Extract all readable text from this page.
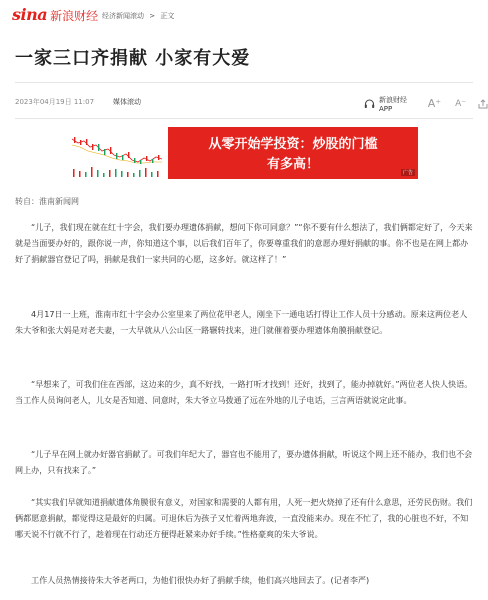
sina 新浪财经 经济新闻滚动 > 正文
一家三口齐捐献 小家有大爱
2023年04月19日 11:07	媒体滚动	新浪财经APP	A⁺ A⁻
从零开始学投资：炒股的门槛
有多高！
广告
转自：淮南新闻网

“儿子，我们现在就在红十字会，我们要办理遗体捐献，想问下你可同意？”“你不要有什么想法了，我们俩都定好了，今天来就是当面要办好的，跟你说一声，你知道这个事，以后我们百年了，你要尊重我们的意愿办理好捐献的事。你不也是在网上都办好了捐献器官登记了吗，捐献是我们一家共同的心愿，这多好。就这样了！”

4月17日一上班，淮南市红十字会办公室里来了两位花甲老人，刚坐下一通电话打得让工作人员十分感动。原来这两位老人朱大爷和张大妈是对老夫妻，一大早就从八公山区一路辗转找来，进门就催着要办理遗体角膜捐献登记。

“早想来了，可我们住在西部，这边来的少，真不好找，一路打听才找到！还好，找到了，能办掉就好。”两位老人快人快语。当工作人员询问老人，儿女是否知道、同意时，朱大爷立马拨通了远在外地的儿子电话，三言两语就说定此事。

“儿子早在网上就办好器官捐献了。可我们年纪大了，器官也不能用了，要办遗体捐献，听说这个网上还不能办，我们也不会网上办，只有找来了。”

“其实我们早就知道捐献遗体角膜很有意义，对国家和需要的人都有用，人死一把火烧掉了还有什么意思，还劳民伤财。我们俩都愿意捐献，都觉得这是最好的归属。可退休后为孩子又忙着两地奔波，一直没能来办。现在不忙了，我的心脏也不好，不知哪天说不行就不行了，趁着现在行动还方便得赶紧来办好手续。”性格豪爽的朱大爷说。

工作人员热情接待朱大爷老两口，为他们很快办好了捐献手续，他们高兴地回去了。(记者李严)
